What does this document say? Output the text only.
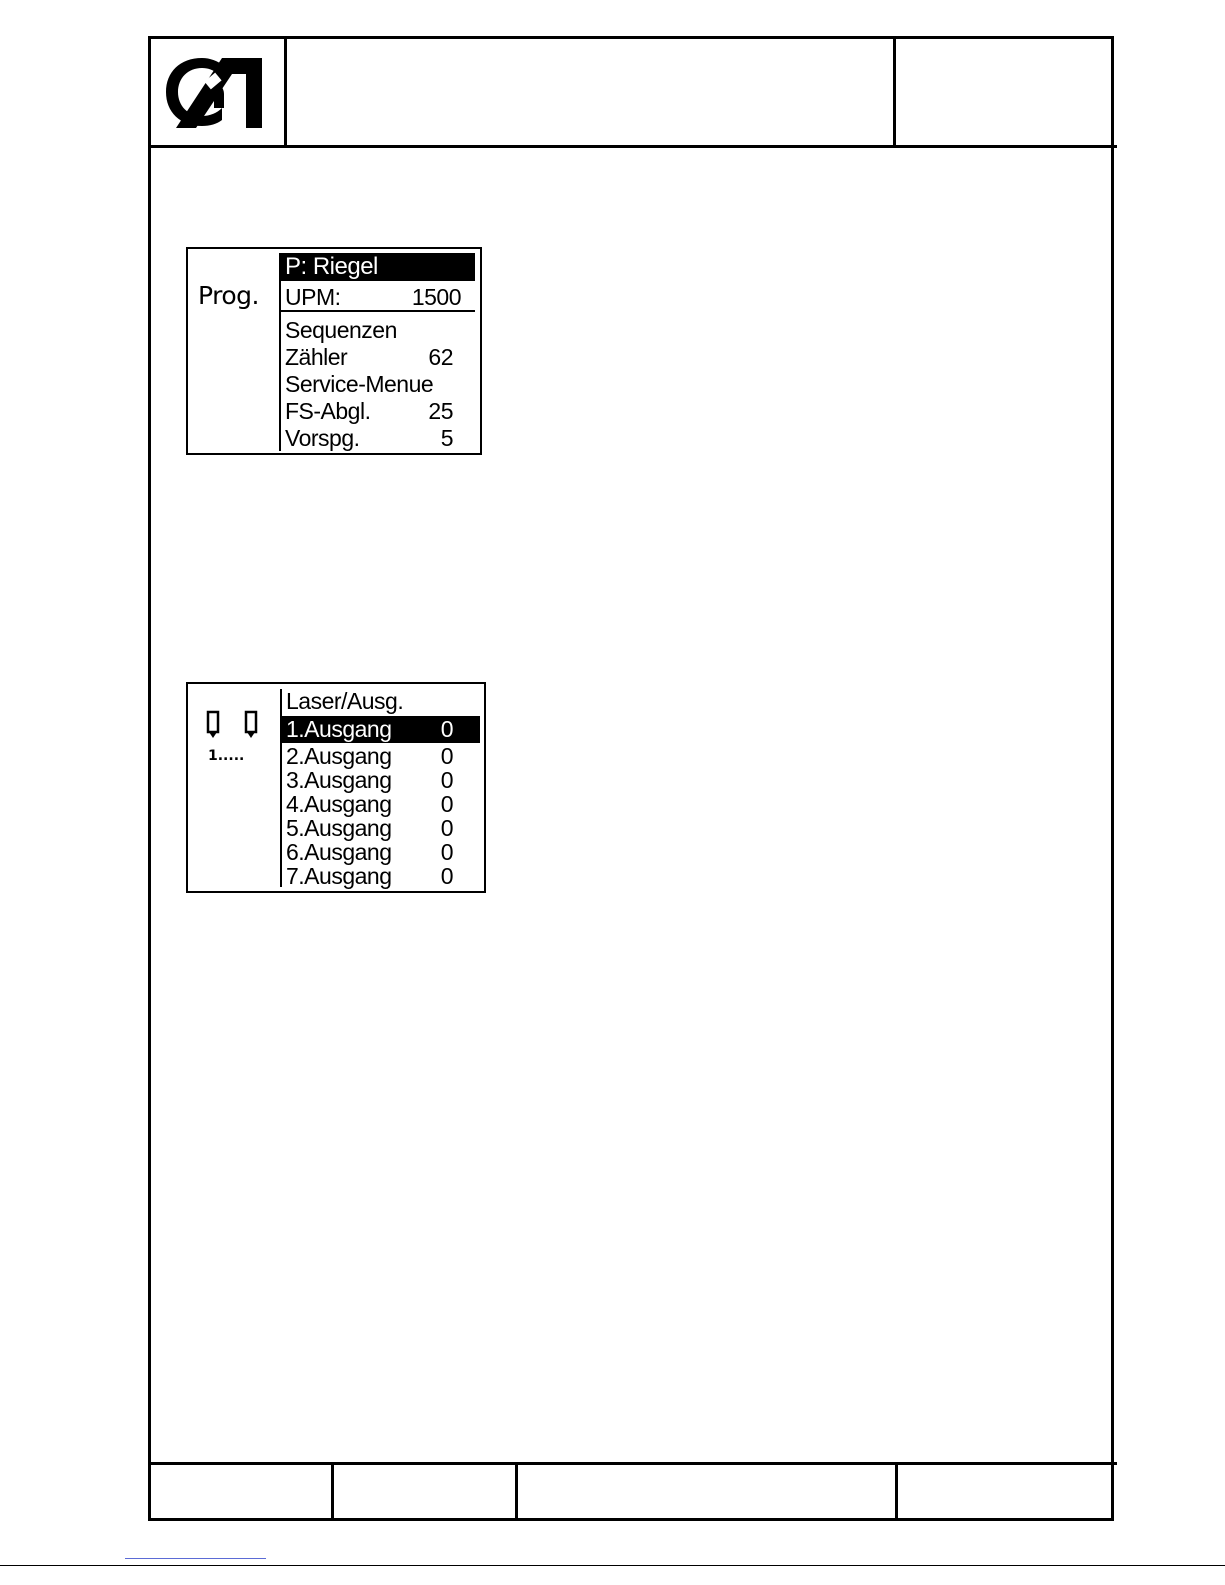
Prog.
P: Riegel
UPM:	1500
Sequenzen
Zähler	62
Service-Menue
FS-Abgl.	25
Vorspg.	5
1.....
Laser/Ausg.
1.Ausgang 0
2.Ausgang 0
3.Ausgang 0
4.Ausgang 0
5.Ausgang 0
6.Ausgang 0
7.Ausgang 0
